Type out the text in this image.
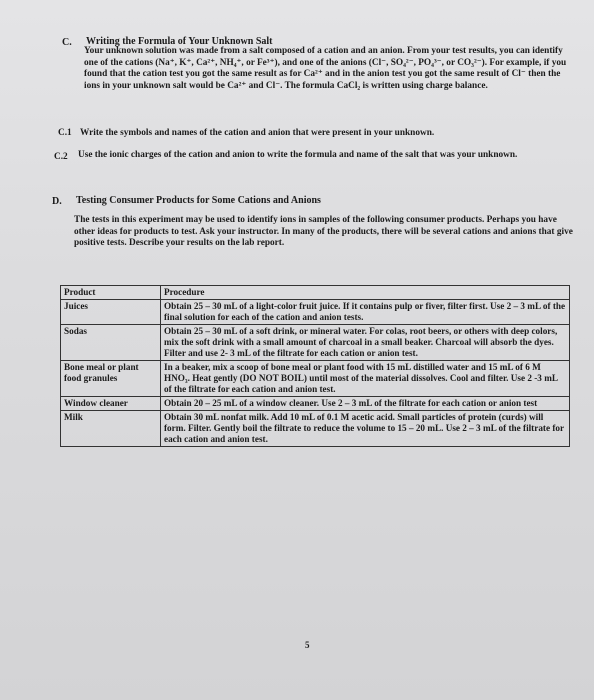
C. Writing the Formula of Your Unknown Salt
Your unknown solution was made from a salt composed of a cation and an anion. From your test results, you can identify one of the cations (Na⁺, K⁺, Ca²⁺, NH₄⁺, or Fe³⁺), and one of the anions (Cl⁻, SO₄²⁻, PO₄³⁻, or CO₃²⁻). For example, if you found that the cation test you got the same result as for Ca²⁺ and in the anion test you got the same result of Cl⁻ then the ions in your unknown salt would be Ca²⁺ and Cl⁻. The formula CaCl₂ is written using charge balance.
C.1 Write the symbols and names of the cation and anion that were present in your unknown.
C.2 Use the ionic charges of the cation and anion to write the formula and name of the salt that was your unknown.
D. Testing Consumer Products for Some Cations and Anions
The tests in this experiment may be used to identify ions in samples of the following consumer products. Perhaps you have other ideas for products to test. Ask your instructor. In many of the products, there will be several cations and anions that give positive tests. Describe your results on the lab report.
Product	Procedure
Juices	Obtain 25 – 30 mL of a light-color fruit juice. If it contains pulp or fiver, filter first. Use 2 – 3 mL of the final solution for each of the cation and anion tests.
Sodas	Obtain 25 – 30 mL of a soft drink, or mineral water. For colas, root beers, or others with deep colors, mix the soft drink with a small amount of charcoal in a small beaker. Charcoal will absorb the dyes. Filter and use 2- 3 mL of the filtrate for each cation or anion test.
Bone meal or plant food granules	In a beaker, mix a scoop of bone meal or plant food with 15 mL distilled water and 15 mL of 6 M HNO₃. Heat gently (DO NOT BOIL) until most of the material dissolves. Cool and filter. Use 2 -3 mL of the filtrate for each cation and anion test.
Window cleaner	Obtain 20 – 25 mL of a window cleaner. Use 2 – 3 mL of the filtrate for each cation or anion test
Milk	Obtain 30 mL nonfat milk. Add 10 mL of 0.1 M acetic acid. Small particles of protein (curds) will form. Filter. Gently boil the filtrate to reduce the volume to 15 – 20 mL. Use 2 – 3 mL of the filtrate for each cation and anion test.
5
